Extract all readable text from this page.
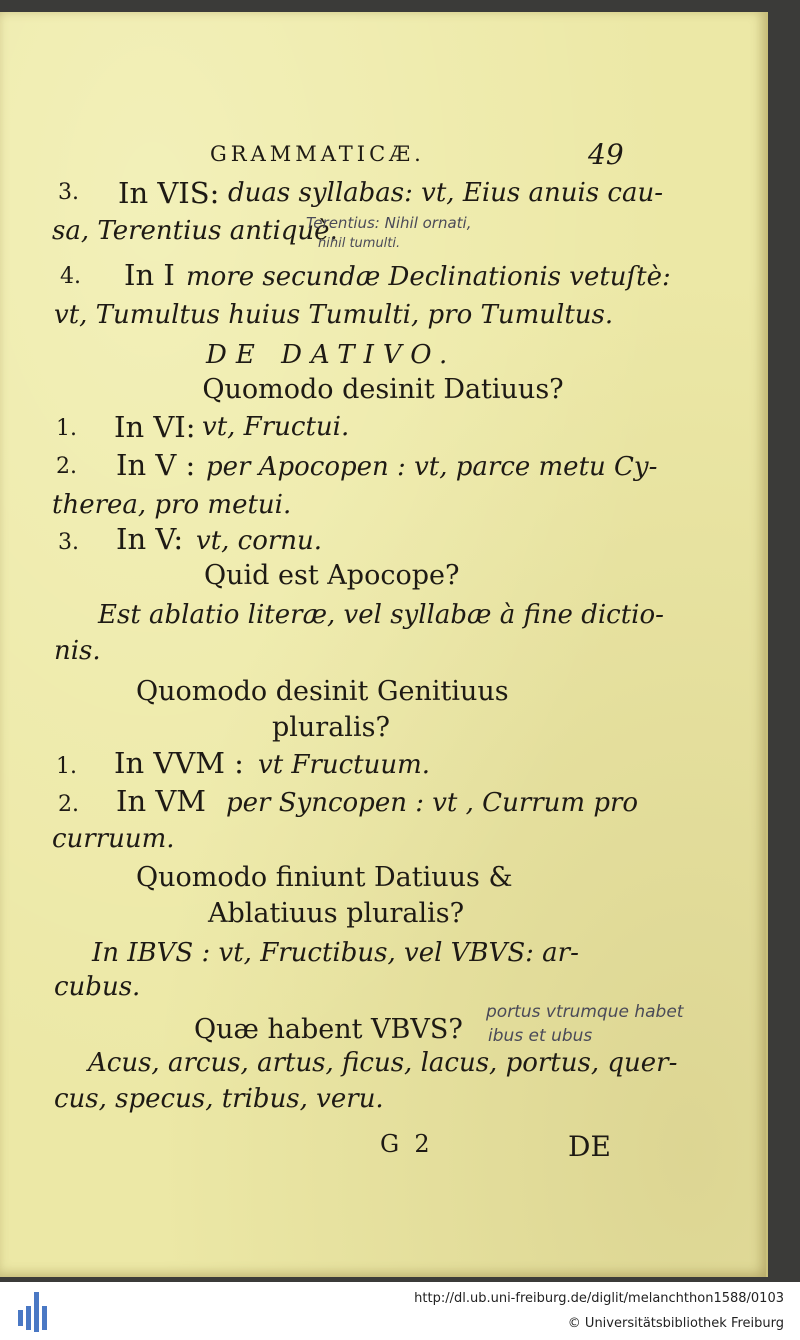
GRAMMATICÆ.	49
3. In VIS: duas syllabas: vt, Eius anuis cau-
sa, Terentius antiquè.
Terentius: Nihil ornati,
nihil tumulti.
4. In I more secundæ Declinationis vetuſtè:
vt, Tumultus huius Tumulti, pro Tumultus.
DE DATIVO.
Quomodo desinit Datiuus?
1. In VI: vt, Fructui.
2. In V : per Apocopen : vt, parce metu Cy-
therea, pro metui.
3. In V: vt, cornu.
Quid est Apocope?
Est ablatio literæ, vel syllabæ à fine dictio-
nis.
Quomodo desinit Genitiuus
pluralis?
1. In VVM : vt Fructuum.
2. In VM per Syncopen : vt , Currum pro
curruum.
Quomodo finiunt Datiuus &
Ablatiuus pluralis?
In IBVS : vt, Fructibus, vel VBVS: ar-
cubus.
Quæ habent VBVS?
portus vtrumque habet
ibus et ubus
Acus, arcus, artus, ficus, lacus, portus, quer-
cus, specus, tribus, veru.
G  2	DE
http://dl.ub.uni-freiburg.de/diglit/melanchthon1588/0103
© Universitätsbibliothek Freiburg
